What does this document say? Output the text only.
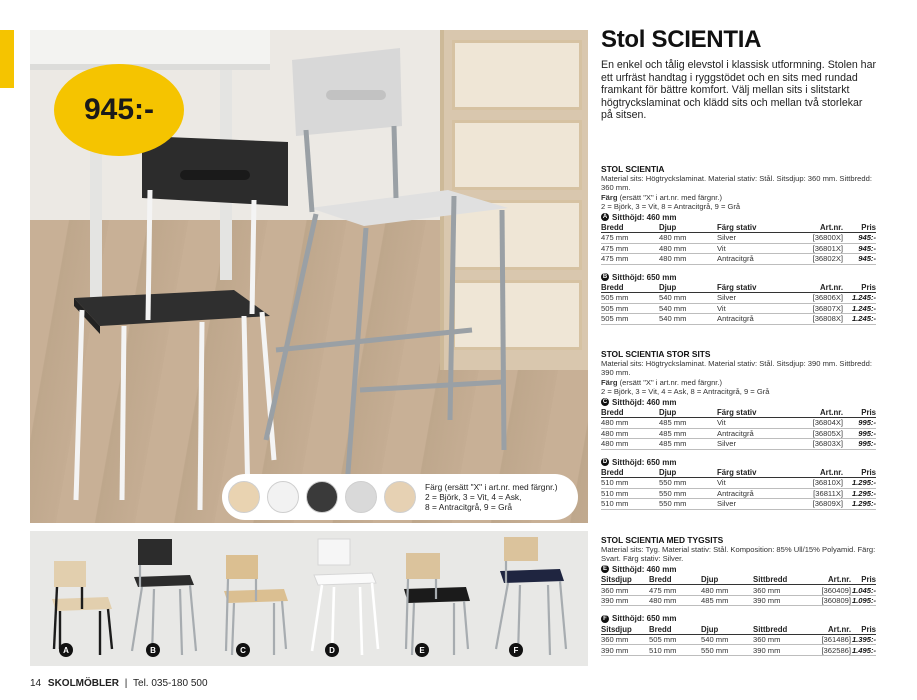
945:-
Färg (ersätt "X" i art.nr. med färgnr.)
2 = Björk, 3 = Vit, 4 = Ask,
8 = Antracitgrå, 9 = Grå
A	B	C	D	E	F
14 SKOLMÖBLER | Tel. 035-180 500
Stol SCIENTIA
En enkel och tålig elevstol i klassisk utformning. Stolen har ett urfräst handtag i ryggstödet och en sits med rundad framkant för bättre komfort. Välj mellan sits i slitstarkt högtryckslaminat och klädd sits och mellan två storlekar på sitsen.
STOL SCIENTIA
Material sits: Högtryckslaminat. Material stativ: Stål. Sitsdjup: 360 mm. Sittbredd: 360 mm.
Färg (ersätt "X" i art.nr. med färgnr.)
2 = Björk, 3 = Vit, 8 = Antracitgrå, 9 = Grå
A Sitthöjd: 460 mm
Bredd	Djup	Färg stativ	Art.nr.	Pris
475 mm	480 mm	Silver	[36800X]	945:-
475 mm	480 mm	Vit	[36801X]	945:-
475 mm	480 mm	Antracitgrå	[36802X]	945:-
B Sitthöjd: 650 mm
Bredd	Djup	Färg stativ	Art.nr.	Pris
505 mm	540 mm	Silver	[36806X]	1.245:-
505 mm	540 mm	Vit	[36807X]	1.245:-
505 mm	540 mm	Antracitgrå	[36808X]	1.245:-
STOL SCIENTIA STOR SITS
Material sits: Högtryckslaminat. Material stativ: Stål. Sitsdjup: 390 mm. Sittbredd: 390 mm.
Färg (ersätt "X" i art.nr. med färgnr.)
2 = Björk, 3 = Vit, 4 = Ask, 8 = Antracitgrå, 9 = Grå
C Sitthöjd: 460 mm
Bredd	Djup	Färg stativ	Art.nr.	Pris
480 mm	485 mm	Vit	[36804X]	995:-
480 mm	485 mm	Antracitgrå	[36805X]	995:-
480 mm	485 mm	Silver	[36803X]	995:-
D Sitthöjd: 650 mm
Bredd	Djup	Färg stativ	Art.nr.	Pris
510 mm	550 mm	Vit	[36810X]	1.295:-
510 mm	550 mm	Antracitgrå	[36811X]	1.295:-
510 mm	550 mm	Silver	[36809X]	1.295:-
STOL SCIENTIA MED TYGSITS
Material sits: Tyg. Material stativ: Stål. Komposition: 85% Ull/15% Polyamid. Färg: Svart. Färg stativ: Silver.
E Sitthöjd: 460 mm
Sitsdjup	Bredd	Djup	Sittbredd	Art.nr.	Pris
360 mm	475 mm	480 mm	360 mm	[360409]	1.045:-
390 mm	480 mm	485 mm	390 mm	[360809]	1.095:-
F Sitthöjd: 650 mm
Sitsdjup	Bredd	Djup	Sittbredd	Art.nr.	Pris
360 mm	505 mm	540 mm	360 mm	[361486]	1.395:-
390 mm	510 mm	550 mm	390 mm	[362586]	1.495:-
